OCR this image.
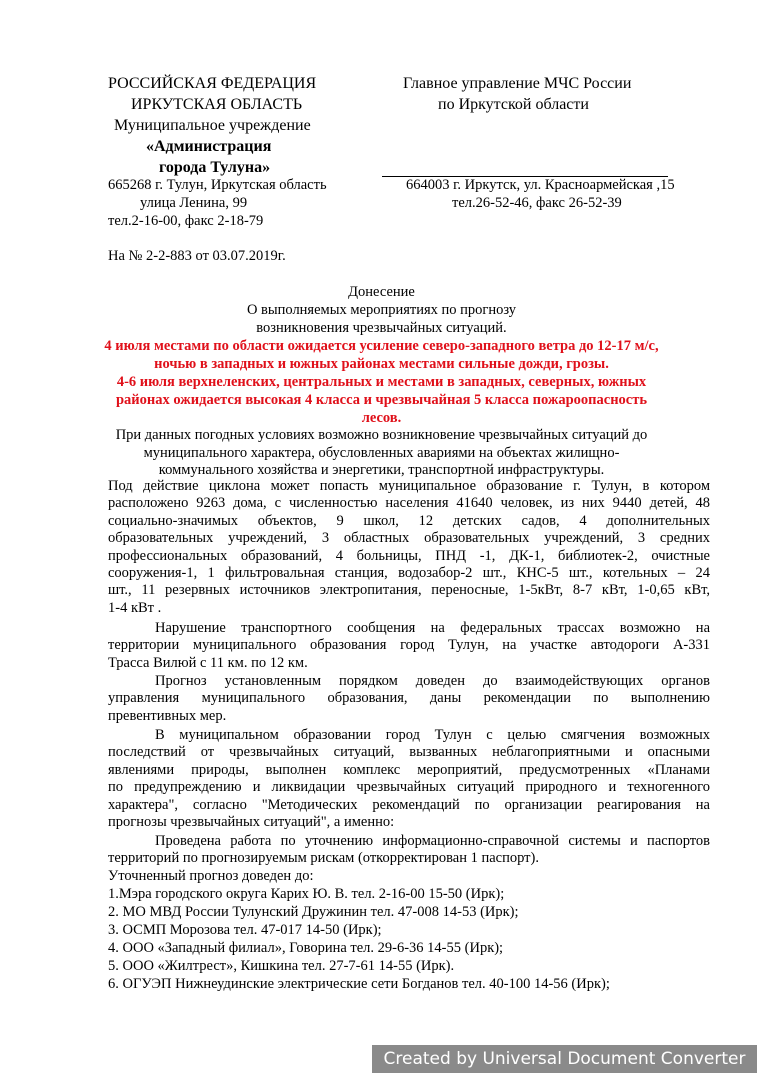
РОССИЙСКАЯ ФЕДЕРАЦИЯ
ИРКУТСКАЯ ОБЛАСТЬ
Муниципальное учреждение
«Администрация
города Тулуна»
665268 г. Тулун, Иркутская область
улица Ленина, 99
тел.2-16-00, факс 2-18-79
Главное управление МЧС России
по Иркутской области
664003 г. Иркутск, ул. Красноармейская ,15
тел.26-52-46, факс 26-52-39
На № 2-2-883 от 03.07.2019г.
Донесение
О выполняемых мероприятиях по прогнозу
возникновения чрезвычайных ситуаций.
4 июля местами по области ожидается усиление северо-западного ветра до 12-17 м/с,
ночью в западных и южных районах местами сильные дожди, грозы.
4-6 июля верхнеленских, центральных и местами в западных, северных, южных
районах ожидается высокая 4 класса и чрезвычайная 5 класса пожароопасность
лесов.
При данных погодных условиях возможно возникновение чрезвычайных ситуаций до
муниципального характера, обусловленных авариями на объектах жилищно-
коммунального хозяйства и энергетики, транспортной инфраструктуры.
Под действие циклона может попасть муниципальное образование г. Тулун, в котором
расположено 9263 дома, с численностью населения 41640 человек, из них 9440 детей, 48
социально-значимых объектов, 9 школ, 12 детских садов, 4 дополнительных
образовательных учреждений, 3 областных образовательных учреждений, 3 средних
профессиональных образований, 4 больницы, ПНД -1, ДК-1, библиотек-2, очистные
сооружения-1, 1 фильтровальная станция, водозабор-2 шт., КНС-5 шт., котельных – 24
шт., 11 резервных источников электропитания, переносные, 1-5кВт, 8-7 кВт, 1-0,65 кВт,
1-4 кВт .
Нарушение транспортного сообщения на федеральных трассах возможно на
территории муниципального образования город Тулун, на участке автодороги А-331
Трасса Вилюй с 11 км. по 12 км.
Прогноз установленным порядком доведен до взаимодействующих органов
управления муниципального образования, даны рекомендации по выполнению
превентивных мер.
В муниципальном образовании город Тулун с целью смягчения возможных
последствий от чрезвычайных ситуаций, вызванных неблагоприятными и опасными
явлениями природы, выполнен комплекс мероприятий, предусмотренных «Планами
по предупреждению и ликвидации чрезвычайных ситуаций природного и техногенного
характера", согласно "Методических рекомендаций по организации реагирования на
прогнозы чрезвычайных ситуаций", а именно:
Проведена работа по уточнению информационно-справочной системы и паспортов
территорий по прогнозируемым рискам (откорректирован 1 паспорт).
Уточненный прогноз доведен до:
1.Мэра городского округа Карих Ю. В. тел. 2-16-00 15-50 (Ирк);
2. МО МВД России Тулунский Дружинин тел. 47-008 14-53 (Ирк);
3. ОСМП Морозова тел. 47-017 14-50 (Ирк);
4. ООО «Западный филиал», Говорина тел. 29-6-36 14-55 (Ирк);
5. ООО «Жилтрест», Кишкина тел. 27-7-61 14-55 (Ирк).
6. ОГУЭП Нижнеудинские электрические сети Богданов тел. 40-100 14-56 (Ирк);
Created by Universal Document Converter
